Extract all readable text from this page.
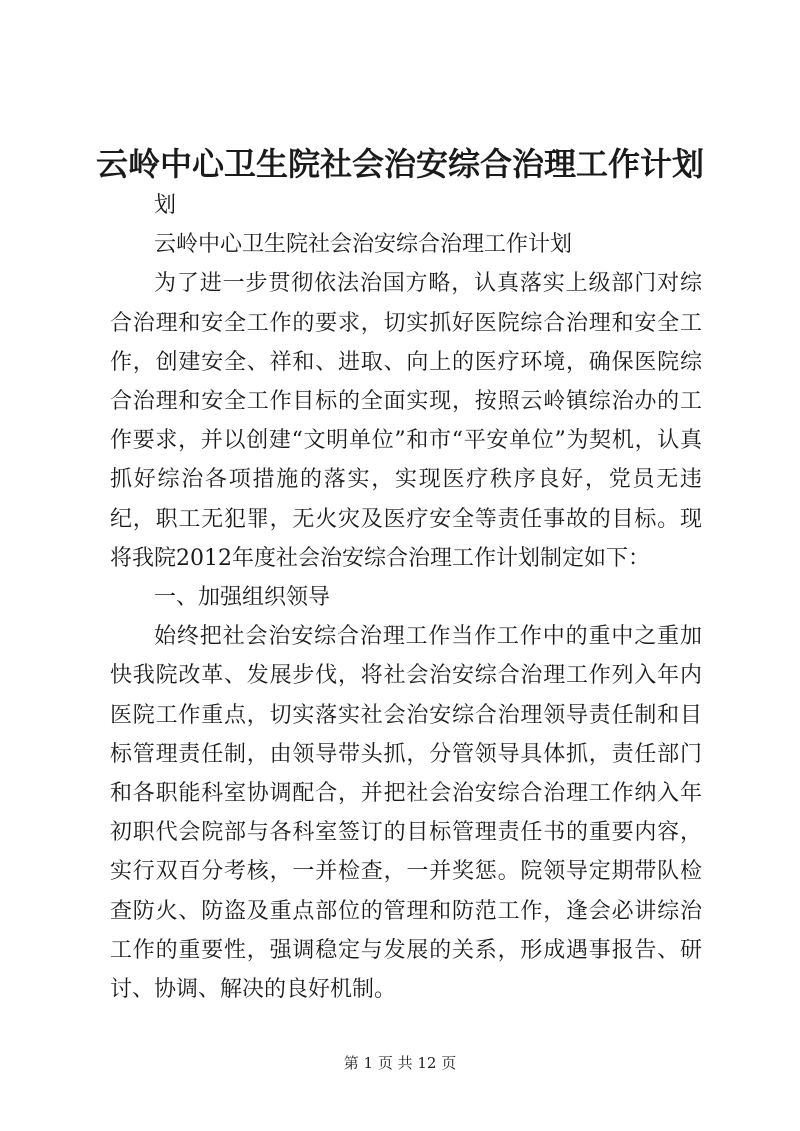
云岭中心卫生院社会治安综合治理工作计划

划

云岭中心卫生院社会治安综合治理工作计划

为了进一步贯彻依法治国方略，认真落实上级部门对综合治理和安全工作的要求，切实抓好医院综合治理和安全工作，创建安全、祥和、进取、向上的医疗环境，确保医院综合治理和安全工作目标的全面实现，按照云岭镇综治办的工作要求，并以创建“文明单位”和市“平安单位”为契机，认真抓好综治各项措施的落实，实现医疗秩序良好，党员无违纪，职工无犯罪，无火灾及医疗安全等责任事故的目标。现将我院2012年度社会治安综合治理工作计划制定如下：

一、加强组织领导

始终把社会治安综合治理工作当作工作中的重中之重加快我院改革、发展步伐，将社会治安综合治理工作列入年内医院工作重点，切实落实社会治安综合治理领导责任制和目标管理责任制，由领导带头抓，分管领导具体抓，责任部门和各职能科室协调配合，并把社会治安综合治理工作纳入年初职代会院部与各科室签订的目标管理责任书的重要内容，实行双百分考核，一并检查，一并奖惩。院领导定期带队检查防火、防盗及重点部位的管理和防范工作，逢会必讲综治工作的重要性，强调稳定与发展的关系，形成遇事报告、研讨、协调、解决的良好机制。

第 1 页 共 12 页
